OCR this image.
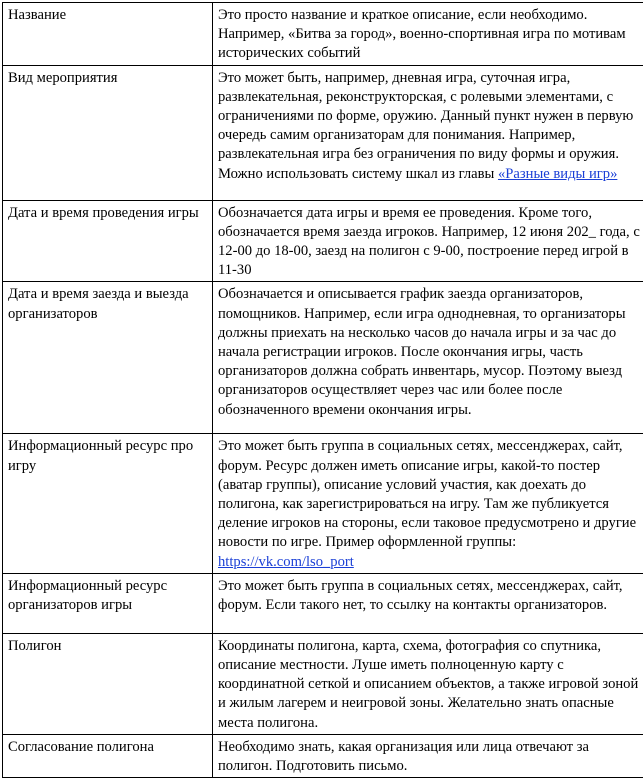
Название	Это просто название и краткое описание, если необходимо. Например, «Битва за город», военно-спортивная игра по мотивам исторических событий
Вид мероприятия	Это может быть, например, дневная игра, суточная игра, развлекательная, реконструкторская, с ролевыми элементами, с ограничениями по форме, оружию. Данный пункт нужен в первую очередь самим организаторам для понимания. Например, развлекательная игра без ограничения по виду формы и оружия. Можно использовать систему шкал из главы «Разные виды игр»
Дата и время проведения игры	Обозначается дата игры и время ее проведения. Кроме того, обозначается время заезда игроков. Например, 12 июня 202_ года, с 12-00 до 18-00, заезд на полигон с 9-00, построение перед игрой в 11-30
Дата и время заезда и выезда организаторов	Обозначается и описывается график заезда организаторов, помощников. Например, если игра однодневная, то организаторы должны приехать на несколько часов до начала игры и за час до начала регистрации игроков. После окончания игры, часть организаторов должна собрать инвентарь, мусор. Поэтому выезд организаторов осуществляет через час или более после обозначенного времени окончания игры.
Информационный ресурс про игру	Это может быть группа в социальных сетях, мессенджерах, сайт, форум. Ресурс должен иметь описание игры, какой-то постер (аватар группы), описание условий участия, как доехать до полигона, как зарегистрироваться на игру. Там же публикуется деление игроков на стороны, если таковое предусмотрено и другие новости по игре. Пример оформленной группы: https://vk.com/lso_port
Информационный ресурс организаторов игры	Это может быть группа в социальных сетях, мессенджерах, сайт, форум. Если такого нет, то ссылку на контакты организаторов.
Полигон	Координаты полигона, карта, схема, фотография со спутника, описание местности. Луше иметь полноценную карту с координатной сеткой и описанием объектов, а также игровой зоной и жилым лагерем и неигровой зоны. Желательно знать опасные места полигона.
Согласование полигона	Необходимо знать, какая организация или лица отвечают за полигон. Подготовить письмо.
